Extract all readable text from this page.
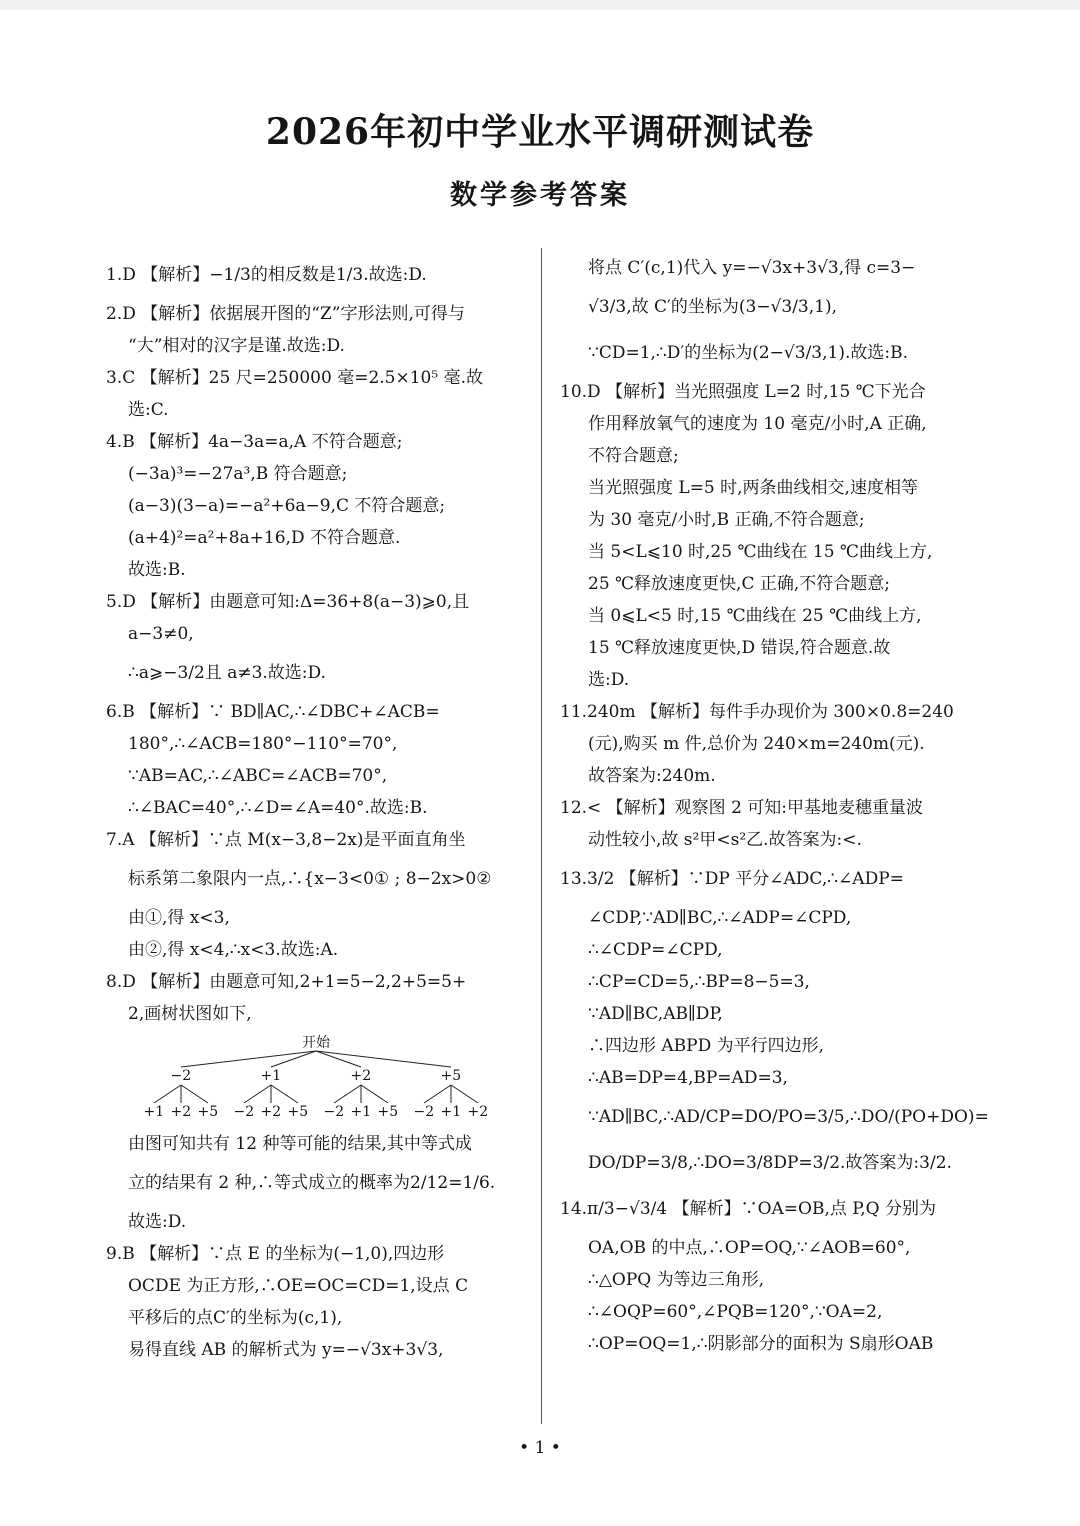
2026年初中学业水平调研测试卷
数学参考答案
1.D 【解析】−1/3的相反数是1/3.故选:D.
2.D 【解析】依据展开图的“Z”字形法则,可得与
“大”相对的汉字是谨.故选:D.
3.C 【解析】25 尺=250000 毫=2.5×10⁵ 毫.故
选:C.
4.B 【解析】4a−3a=a,A 不符合题意;
(−3a)³=−27a³,B 符合题意;
(a−3)(3−a)=−a²+6a−9,C 不符合题意;
(a+4)²=a²+8a+16,D 不符合题意.
故选:B.
5.D 【解析】由题意可知:Δ=36+8(a−3)⩾0,且
a−3≠0,
∴a⩾−3/2且 a≠3.故选:D.
6.B 【解析】∵ BD∥AC,∴∠DBC+∠ACB=
180°,∴∠ACB=180°−110°=70°,
∵AB=AC,∴∠ABC=∠ACB=70°,
∴∠BAC=40°,∴∠D=∠A=40°.故选:B.
7.A 【解析】∵点 M(x−3,8−2x)是平面直角坐
标系第二象限内一点,∴{x−3<0① ; 8−2x>0②
由①,得 x<3,
由②,得 x<4,∴x<3.故选:A.
8.D 【解析】由题意可知,2+1=5−2,2+5=5+
2,画树状图如下,
开始
−2
+1 +2 +5
+1
−2 +2 +5
+2
−2 +1 +5
+5
−2 +1 +2
由图可知共有 12 种等可能的结果,其中等式成
立的结果有 2 种,∴等式成立的概率为2/12=1/6.
故选:D.
9.B 【解析】∵点 E 的坐标为(−1,0),四边形
OCDE 为正方形,∴OE=OC=CD=1,设点 C
平移后的点C′的坐标为(c,1),
易得直线 AB 的解析式为 y=−√3x+3√3,
将点 C′(c,1)代入 y=−√3x+3√3,得 c=3−
√3/3,故 C′的坐标为(3−√3/3,1),
∵CD=1,∴D′的坐标为(2−√3/3,1).故选:B.
10.D 【解析】当光照强度 L=2 时,15 ℃下光合
作用释放氧气的速度为 10 毫克/小时,A 正确,
不符合题意;
当光照强度 L=5 时,两条曲线相交,速度相等
为 30 毫克/小时,B 正确,不符合题意;
当 5<L⩽10 时,25 ℃曲线在 15 ℃曲线上方,
25 ℃释放速度更快,C 正确,不符合题意;
当 0⩽L<5 时,15 ℃曲线在 25 ℃曲线上方,
15 ℃释放速度更快,D 错误,符合题意.故
选:D.
11.240m 【解析】每件手办现价为 300×0.8=240
(元),购买 m 件,总价为 240×m=240m(元).
故答案为:240m.
12.< 【解析】观察图 2 可知:甲基地麦穗重量波
动性较小,故 s²甲<s²乙.故答案为:<.
13.3/2 【解析】∵DP 平分∠ADC,∴∠ADP=
∠CDP,∵AD∥BC,∴∠ADP=∠CPD,
∴∠CDP=∠CPD,
∴CP=CD=5,∴BP=8−5=3,
∵AD∥BC,AB∥DP,
∴四边形 ABPD 为平行四边形,
∴AB=DP=4,BP=AD=3,
∵AD∥BC,∴AD/CP=DO/PO=3/5,∴DO/(PO+DO)=
DO/DP=3/8,∴DO=3/8DP=3/2.故答案为:3/2.
14.π/3−√3/4 【解析】∵OA=OB,点 P,Q 分别为
OA,OB 的中点,∴OP=OQ,∵∠AOB=60°,
∴△OPQ 为等边三角形,
∴∠OQP=60°,∠PQB=120°,∵OA=2,
∴OP=OQ=1,∴阴影部分的面积为 S扇形OAB
• 1 •
